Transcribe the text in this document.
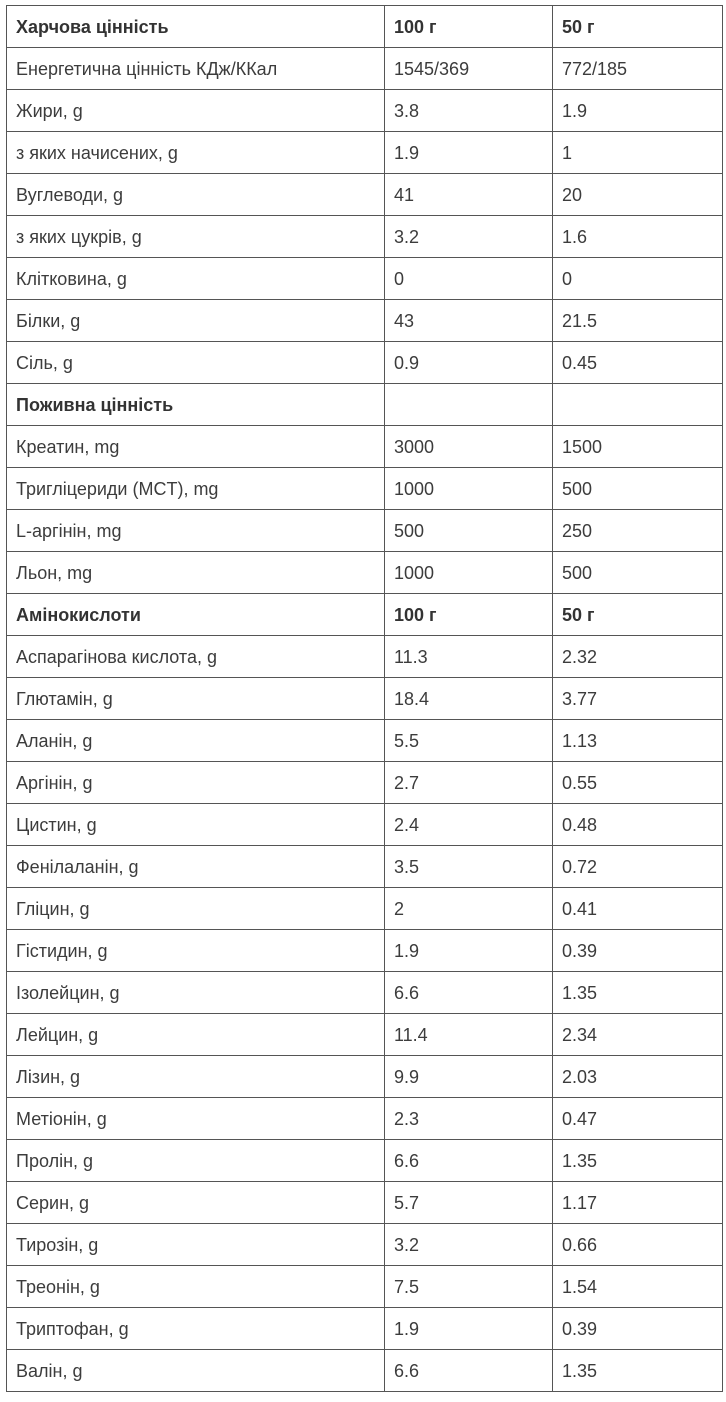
Харчова цінність	100 г	50 г
Енергетична цінність КДж/ККал	1545/369	772/185
Жири, g	3.8	1.9
з яких начисених, g	1.9	1
Вуглеводи, g	41	20
з яких цукрів, g	3.2	1.6
Клітковина, g	0	0
Білки, g	43	21.5
Сіль, g	0.9	0.45
Поживна цінність		
Креатин, mg	3000	1500
Тригліцериди (MCT), mg	1000	500
L-аргінін, mg	500	250
Льон, mg	1000	500
Амінокислоти	100 г	50 г
Аспарагінова кислота, g	11.3	2.32
Глютамін, g	18.4	3.77
Аланін, g	5.5	1.13
Аргінін, g	2.7	0.55
Цистин, g	2.4	0.48
Фенілаланін, g	3.5	0.72
Гліцин, g	2	0.41
Гістидин, g	1.9	0.39
Ізолейцин, g	6.6	1.35
Лейцин, g	11.4	2.34
Лізин, g	9.9	2.03
Метіонін, g	2.3	0.47
Пролін, g	6.6	1.35
Серин, g	5.7	1.17
Тирозін, g	3.2	0.66
Треонін, g	7.5	1.54
Триптофан, g	1.9	0.39
Валін, g	6.6	1.35
